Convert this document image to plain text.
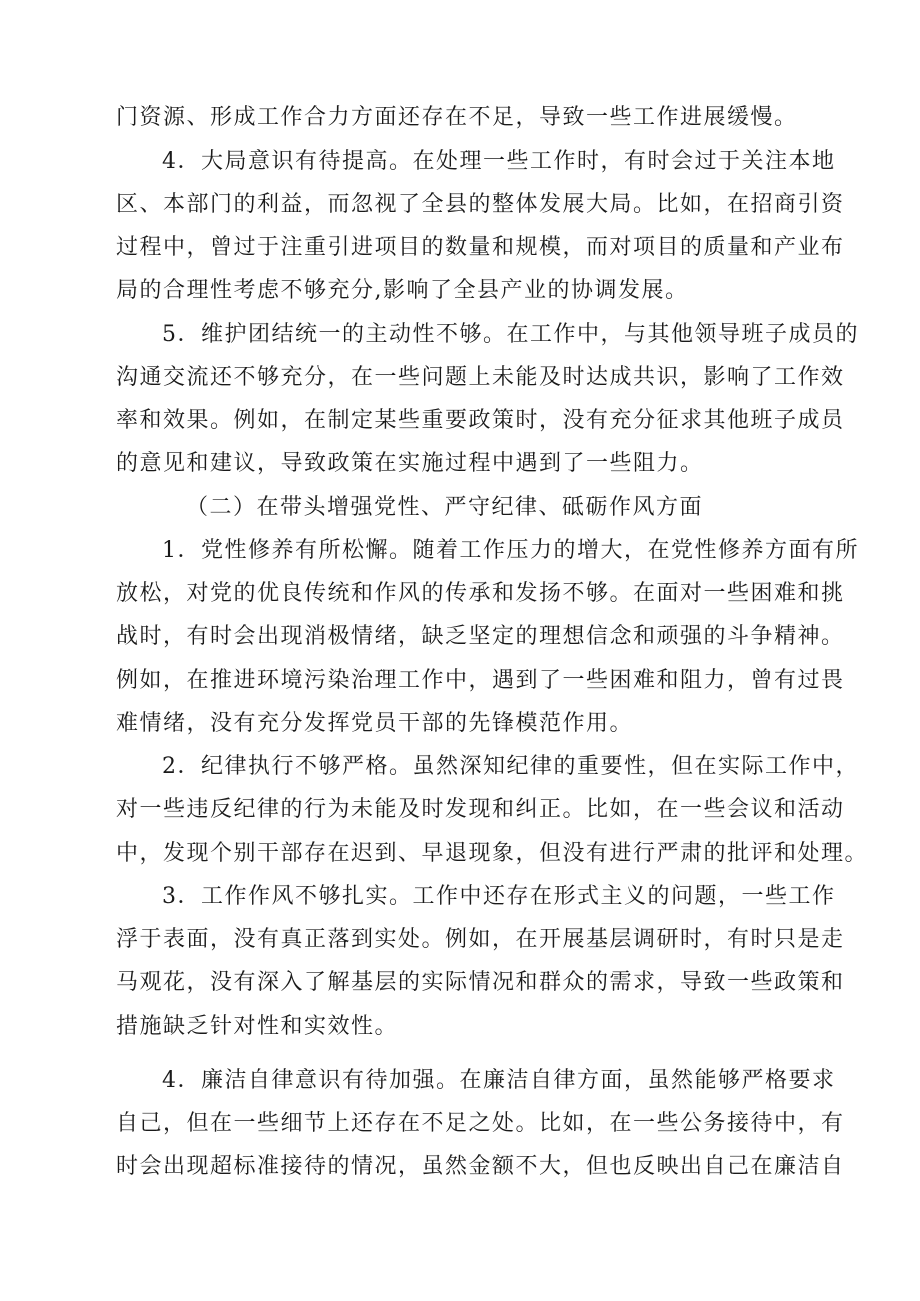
门资源、形成工作合力方面还存在不足，导致一些工作进展缓慢。
4．大局意识有待提高。在处理一些工作时，有时会过于关注本地
区、本部门的利益，而忽视了全县的整体发展大局。比如，在招商引资
过程中，曾过于注重引进项目的数量和规模，而对项目的质量和产业布
局的合理性考虑不够充分,影响了全县产业的协调发展。
5．维护团结统一的主动性不够。在工作中，与其他领导班子成员的
沟通交流还不够充分，在一些问题上未能及时达成共识，影响了工作效
率和效果。例如，在制定某些重要政策时，没有充分征求其他班子成员
的意见和建议，导致政策在实施过程中遇到了一些阻力。
（二）在带头增强党性、严守纪律、砥砺作风方面
1．党性修养有所松懈。随着工作压力的增大，在党性修养方面有所
放松，对党的优良传统和作风的传承和发扬不够。在面对一些困难和挑
战时，有时会出现消极情绪，缺乏坚定的理想信念和顽强的斗争精神。
例如，在推进环境污染治理工作中，遇到了一些困难和阻力，曾有过畏
难情绪，没有充分发挥党员干部的先锋模范作用。
2．纪律执行不够严格。虽然深知纪律的重要性，但在实际工作中，
对一些违反纪律的行为未能及时发现和纠正。比如，在一些会议和活动
中，发现个别干部存在迟到、早退现象，但没有进行严肃的批评和处理。
3．工作作风不够扎实。工作中还存在形式主义的问题，一些工作
浮于表面，没有真正落到实处。例如，在开展基层调研时，有时只是走
马观花，没有深入了解基层的实际情况和群众的需求，导致一些政策和
措施缺乏针对性和实效性。
4．廉洁自律意识有待加强。在廉洁自律方面，虽然能够严格要求
自己，但在一些细节上还存在不足之处。比如，在一些公务接待中，有
时会出现超标准接待的情况，虽然金额不大，但也反映出自己在廉洁自
